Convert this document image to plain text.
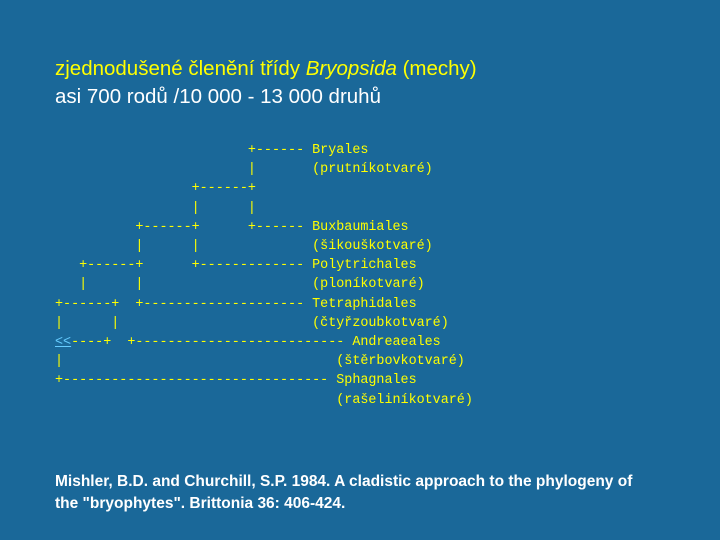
zjednodušené členění třídy Bryopsida (mechy)
asi 700 rodů /10 000 - 13 000 druhů
+------ Bryales
|       (prutníkotvaré)
+------+
|      |
+------+      +------ Buxbaumiales
|      |              (šikouškotvaré)
+------+      +------------- Polytrichales
|      |                     (ploníkotvaré)
+------+  +-------------------- Tetraphidales
|      |                        (čtyřzoubkotvaré)
<<----+  +-------------------------- Andreaeales
|                                  (štěrbovkotvaré)
+--------------------------------- Sphagnales
(rašeliníkotvaré)
Mishler, B.D. and Churchill, S.P. 1984. A cladistic approach to the phylogeny of the "bryophytes". Brittonia 36: 406-424.
